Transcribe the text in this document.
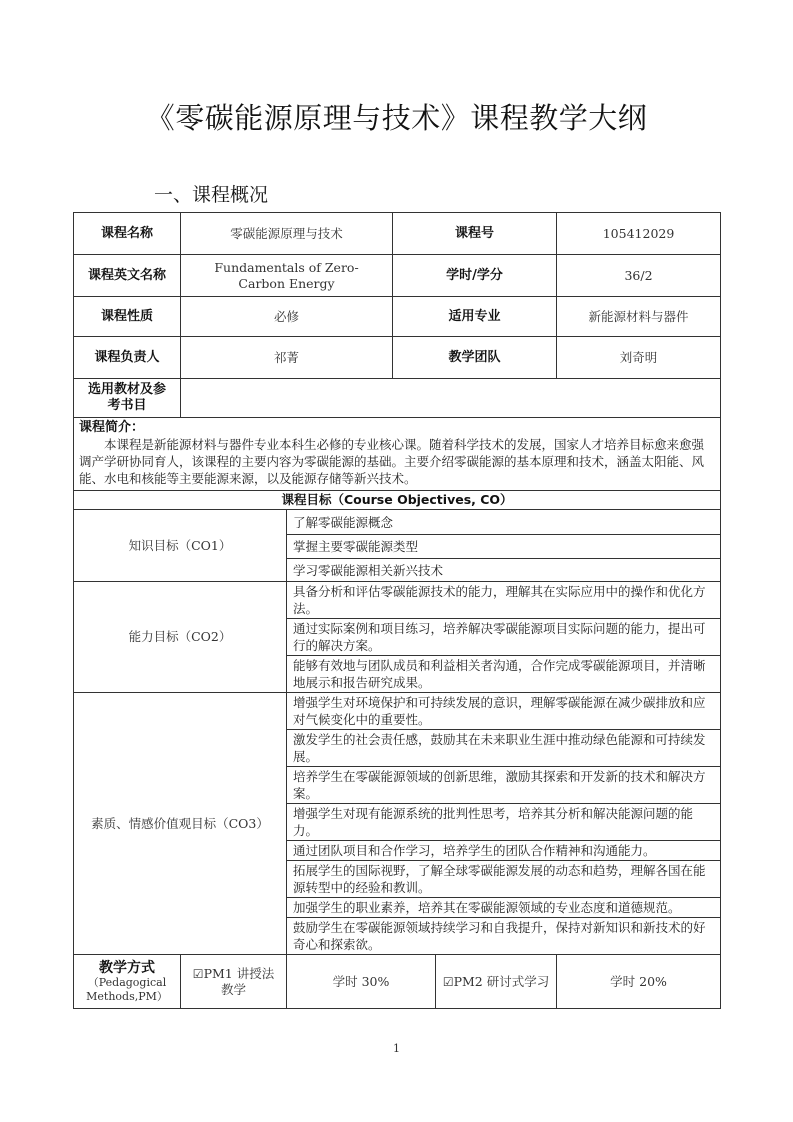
《零碳能源原理与技术》课程教学大纲
一、课程概况
课程名称	零碳能源原理与技术		课程号		105412029
课程英文名称	Fundamentals of Zero-Carbon Energy		学时/学分		36/2
课程性质	必修		适用专业		新能源材料与器件
课程负责人	祁菁		教学团队		刘奇明
选用教材及参考书目					

课程简介：
本课程是新能源材料与器件专业本科生必修的专业核心课。随着科学技术的发展，国家人才培养目标愈来愈强调产学研协同育人，该课程的主要内容为零碳能源的基础。主要介绍零碳能源的基本原理和技术，涵盖太阳能、风能、水电和核能等主要能源来源，以及能源存储等新兴技术。					

课程目标（Course Objectives, CO）					
知识目标（CO1）		了解零碳能源概念			
		掌握主要零碳能源类型			
		学习零碳能源相关新兴技术			
能力目标（CO2）		具备分析和评估零碳能源技术的能力，理解其在实际应用中的操作和优化方法。			
		通过实际案例和项目练习，培养解决零碳能源项目实际问题的能力，提出可行的解决方案。			
		能够有效地与团队成员和利益相关者沟通，合作完成零碳能源项目，并清晰地展示和报告研究成果。			
素质、情感价值观目标（CO3）		增强学生对环境保护和可持续发展的意识，理解零碳能源在减少碳排放和应对气候变化中的重要性。			
		激发学生的社会责任感，鼓励其在未来职业生涯中推动绿色能源和可持续发展。			
		培养学生在零碳能源领域的创新思维，激励其探索和开发新的技术和解决方案。			
		增强学生对现有能源系统的批判性思考，培养其分析和解决能源问题的能力。			
		通过团队项目和合作学习，培养学生的团队合作精神和沟通能力。			
		拓展学生的国际视野，了解全球零碳能源发展的动态和趋势，理解各国在能源转型中的经验和教训。			
		加强学生的职业素养，培养其在零碳能源领域的专业态度和道德规范。			
		鼓励学生在零碳能源领域持续学习和自我提升，保持对新知识和新技术的好奇心和探索欲。			

教学方式
（Pedagogical Methods,PM）	☑PM1 讲授法教学	学时 30%		☑PM2 研讨式学习	学时 20%
1
